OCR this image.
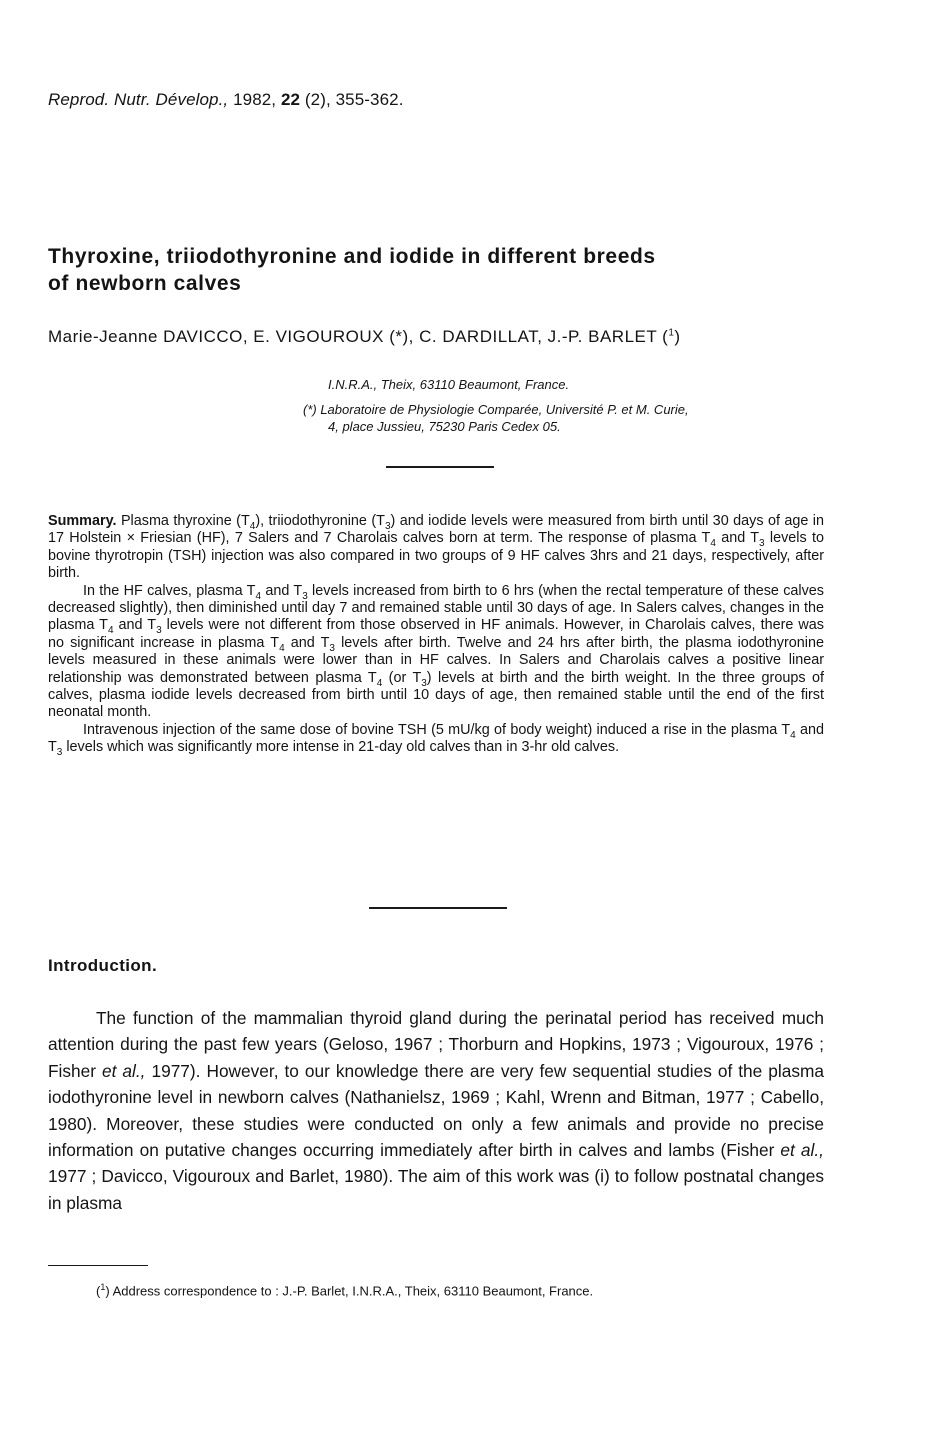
Reprod. Nutr. Dévelop., 1982, 22 (2), 355-362.
Thyroxine, triiodothyronine and iodide in different breeds
of newborn calves
Marie-Jeanne DAVICCO, E. VIGOUROUX (*), C. DARDILLAT, J.-P. BARLET ($^1$)
I.N.R.A., Theix, 63110 Beaumont, France.
(*) Laboratoire de Physiologie Comparée, Université P. et M. Curie,
4, place Jussieu, 75230 Paris Cedex 05.

Summary. Plasma thyroxine $(T_4)$, triiodothyronine $(T_3)$ and iodide levels were measured from birth until 30 days of age in 17 Holstein × Friesian (HF), 7 Salers and 7 Charolais calves born at term. The response of plasma $T_4$ and $T_3$ levels to bovine thyrotropin (TSH) injection was also compared in two groups of 9 HF calves 3hrs and 21 days, respectively, after birth.

In the HF calves, plasma $T_4$ and $T_3$ levels increased from birth to 6 hrs (when the rectal temperature of these calves decreased slightly), then diminished until day 7 and remained stable until 30 days of age. In Salers calves, changes in the plasma $T_4$ and $T_3$ levels were not different from those observed in HF animals. However, in Charolais calves, there was no significant increase in plasma $T_4$ and $T_3$ levels after birth. Twelve and 24 hrs after birth, the plasma iodothyronine levels measured in these animals were lower than in HF calves. In Salers and Charolais calves a positive linear relationship was demonstrated between plasma $T_4$ (or $T_3$) levels at birth and the birth weight. In the three groups of calves, plasma iodide levels decreased from birth until 10 days of age, then remained stable until the end of the first neonatal month.

Intravenous injection of the same dose of bovine TSH (5 mU/kg of body weight) induced a rise in the plasma $T_4$ and $T_3$ levels which was significantly more intense in 21-day old calves than in 3-hr old calves.

Introduction.

The function of the mammalian thyroid gland during the perinatal period has received much attention during the past few years (Geloso, 1967 ; Thorburn and Hopkins, 1973 ; Vigouroux, 1976 ; Fisher et al., 1977). However, to our knowledge there are very few sequential studies of the plasma iodothyronine level in newborn calves (Nathanielsz, 1969 ; Kahl, Wrenn and Bitman, 1977 ; Cabello, 1980). Moreover, these studies were conducted on only a few animals and provide no precise information on putative changes occurring immediately after birth in calves and lambs (Fisher et al., 1977 ; Davicco, Vigouroux and Barlet, 1980). The aim of this work was (i) to follow postnatal changes in plasma

($^1$) Address correspondence to : J.-P. Barlet, I.N.R.A., Theix, 63110 Beaumont, France.
